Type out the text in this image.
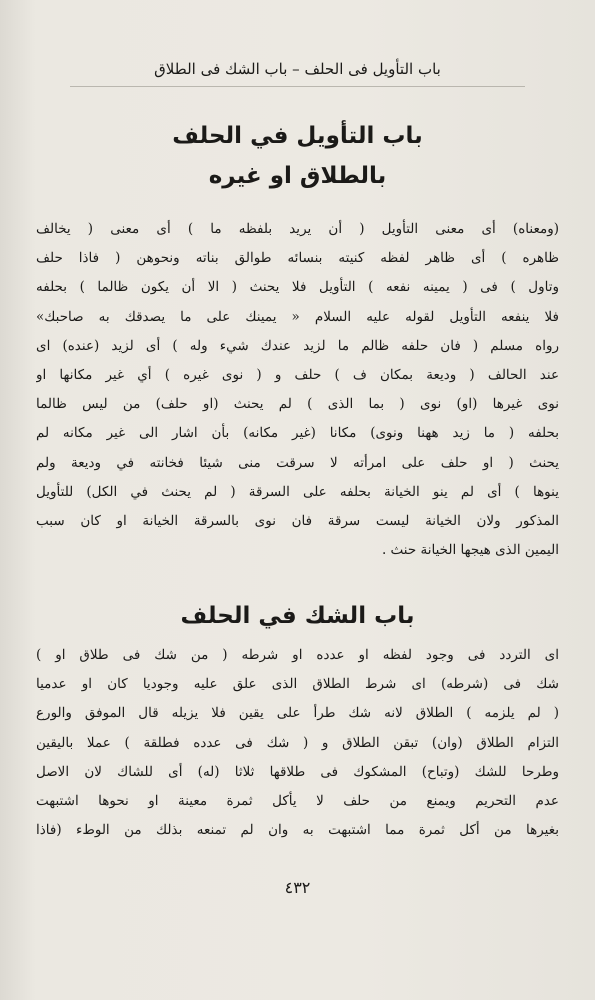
باب التأويل فى الحلف – باب الشك فى الطلاق
باب التأويل في الحلف
بالطلاق او غيره
(ومعناه) أى معنى التأويل ( أن يريد بلفظه ما ) أى معنى ( يخالف
ظاهره ) أى ظاهر لفظه كنيته بنسائه طوالق بناته ونحوهن ( فاذا حلف
وتاول ) فى ( يمينه نفعه ) التأويل فلا يحنث ( الا أن يكون ظالما ) بحلفه
فلا ينفعه التأويل لقوله عليه السلام « يمينك على ما يصدقك به صاحبك»
رواه مسلم ( فان حلفه ظالم ما لزيد عندك شيء وله ) أى لزيد (عنده) اى
عند الحالف ( وديعة بمكان ف ) حلف و ( نوى غيره ) أي غير مكانها او
نوى غيرها (او) نوى ( بما الذى ) لم يحنث (او حلف) من ليس ظالما
بحلفه ( ما زيد ههنا ونوى) مكانا (غير مكانه) بأن اشار الى غير مكانه لم
يحنث ( او حلف على امرأته لا سرقت منى شيئا فخانته في وديعة ولم
ينوها ) أى لم ينو الخيانة بحلفه على السرقة ( لم يحنث في الكل) للتأويل
المذكور ولان الخيانة ليست سرقة فان نوى بالسرقة الخيانة او كان سبب
اليمين الذى هيجها الخيانة حنث .
باب الشك في الحلف
اى التردد فى وجود لفظه او عدده او شرطه ( من شك فى طلاق او )
شك فى (شرطه) اى شرط الطلاق الذى علق عليه وجوديا كان او عدميا
( لم يلزمه ) الطلاق لانه شك طرأ على يقين فلا يزيله قال الموفق والورع
التزام الطلاق (وان) تبقن الطلاق و ( شك فى عدده فطلقة ) عملا باليقين
وطرحا للشك (وتباح) المشكوك فى طلاقها ثلاثا (له) أى للشاك لان الاصل
عدم التحريم ويمنع من حلف لا يأكل ثمرة معينة او نحوها اشتبهت
بغيرها من أكل ثمرة مما اشتبهت به وان لم تمنعه بذلك من الوطء (فاذا
٤٣٢
